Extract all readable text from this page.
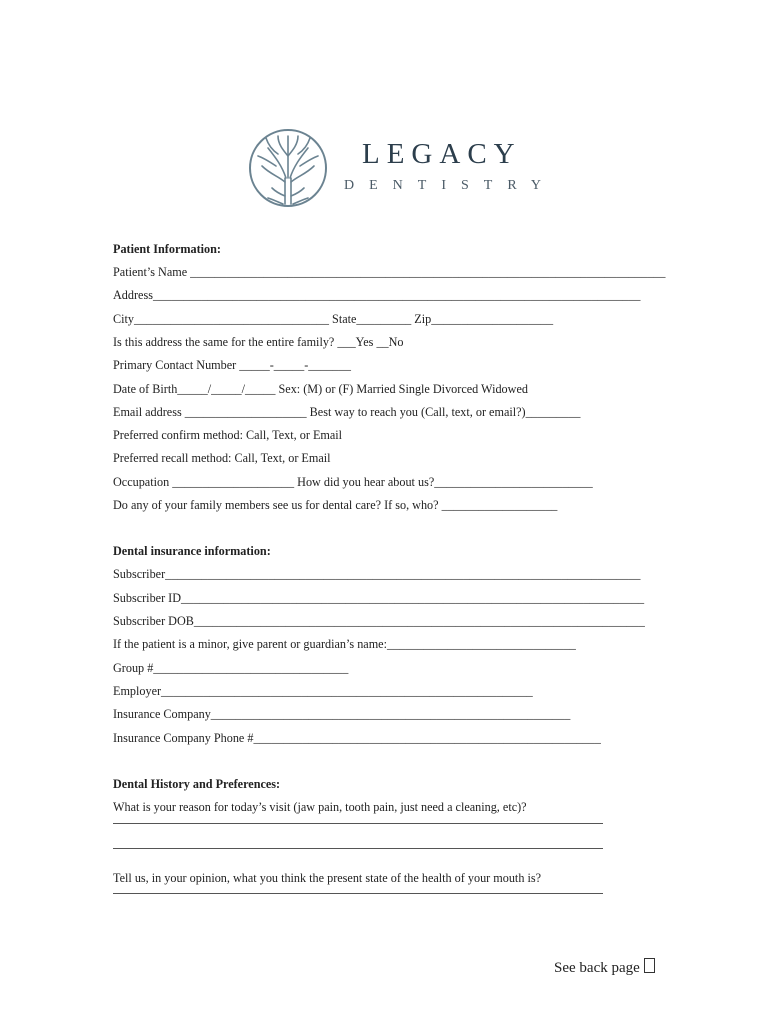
LEGACY
DENTISTRY
Patient Information:
Patient’s Name ______________________________________________________________________________
Address________________________________________________________________________________
City________________________________ State_________ Zip____________________
Is this address the same for the entire family? ___Yes __No
Primary Contact Number _____-_____-_______
Date of Birth_____/_____/_____ Sex: (M) or (F) Married Single Divorced Widowed
Email address ____________________ Best way to reach you (Call, text, or email?)_________
Preferred confirm method: Call, Text, or Email
Preferred recall method: Call, Text, or Email
Occupation ____________________ How did you hear about us?__________________________
Do any of your family members see us for dental care? If so, who? ___________________
Dental insurance information:
Subscriber______________________________________________________________________________
Subscriber ID____________________________________________________________________________
Subscriber DOB__________________________________________________________________________
If the patient is a minor, give parent or guardian’s name:_______________________________
Group #________________________________
Employer_____________________________________________________________
Insurance Company___________________________________________________________
Insurance Company Phone #_________________________________________________________
Dental History and Preferences:
What is your reason for today’s visit (jaw pain, tooth pain, just need a cleaning, etc)?
Tell us, in your opinion, what you think the present state of the health of your mouth is?
See back page
